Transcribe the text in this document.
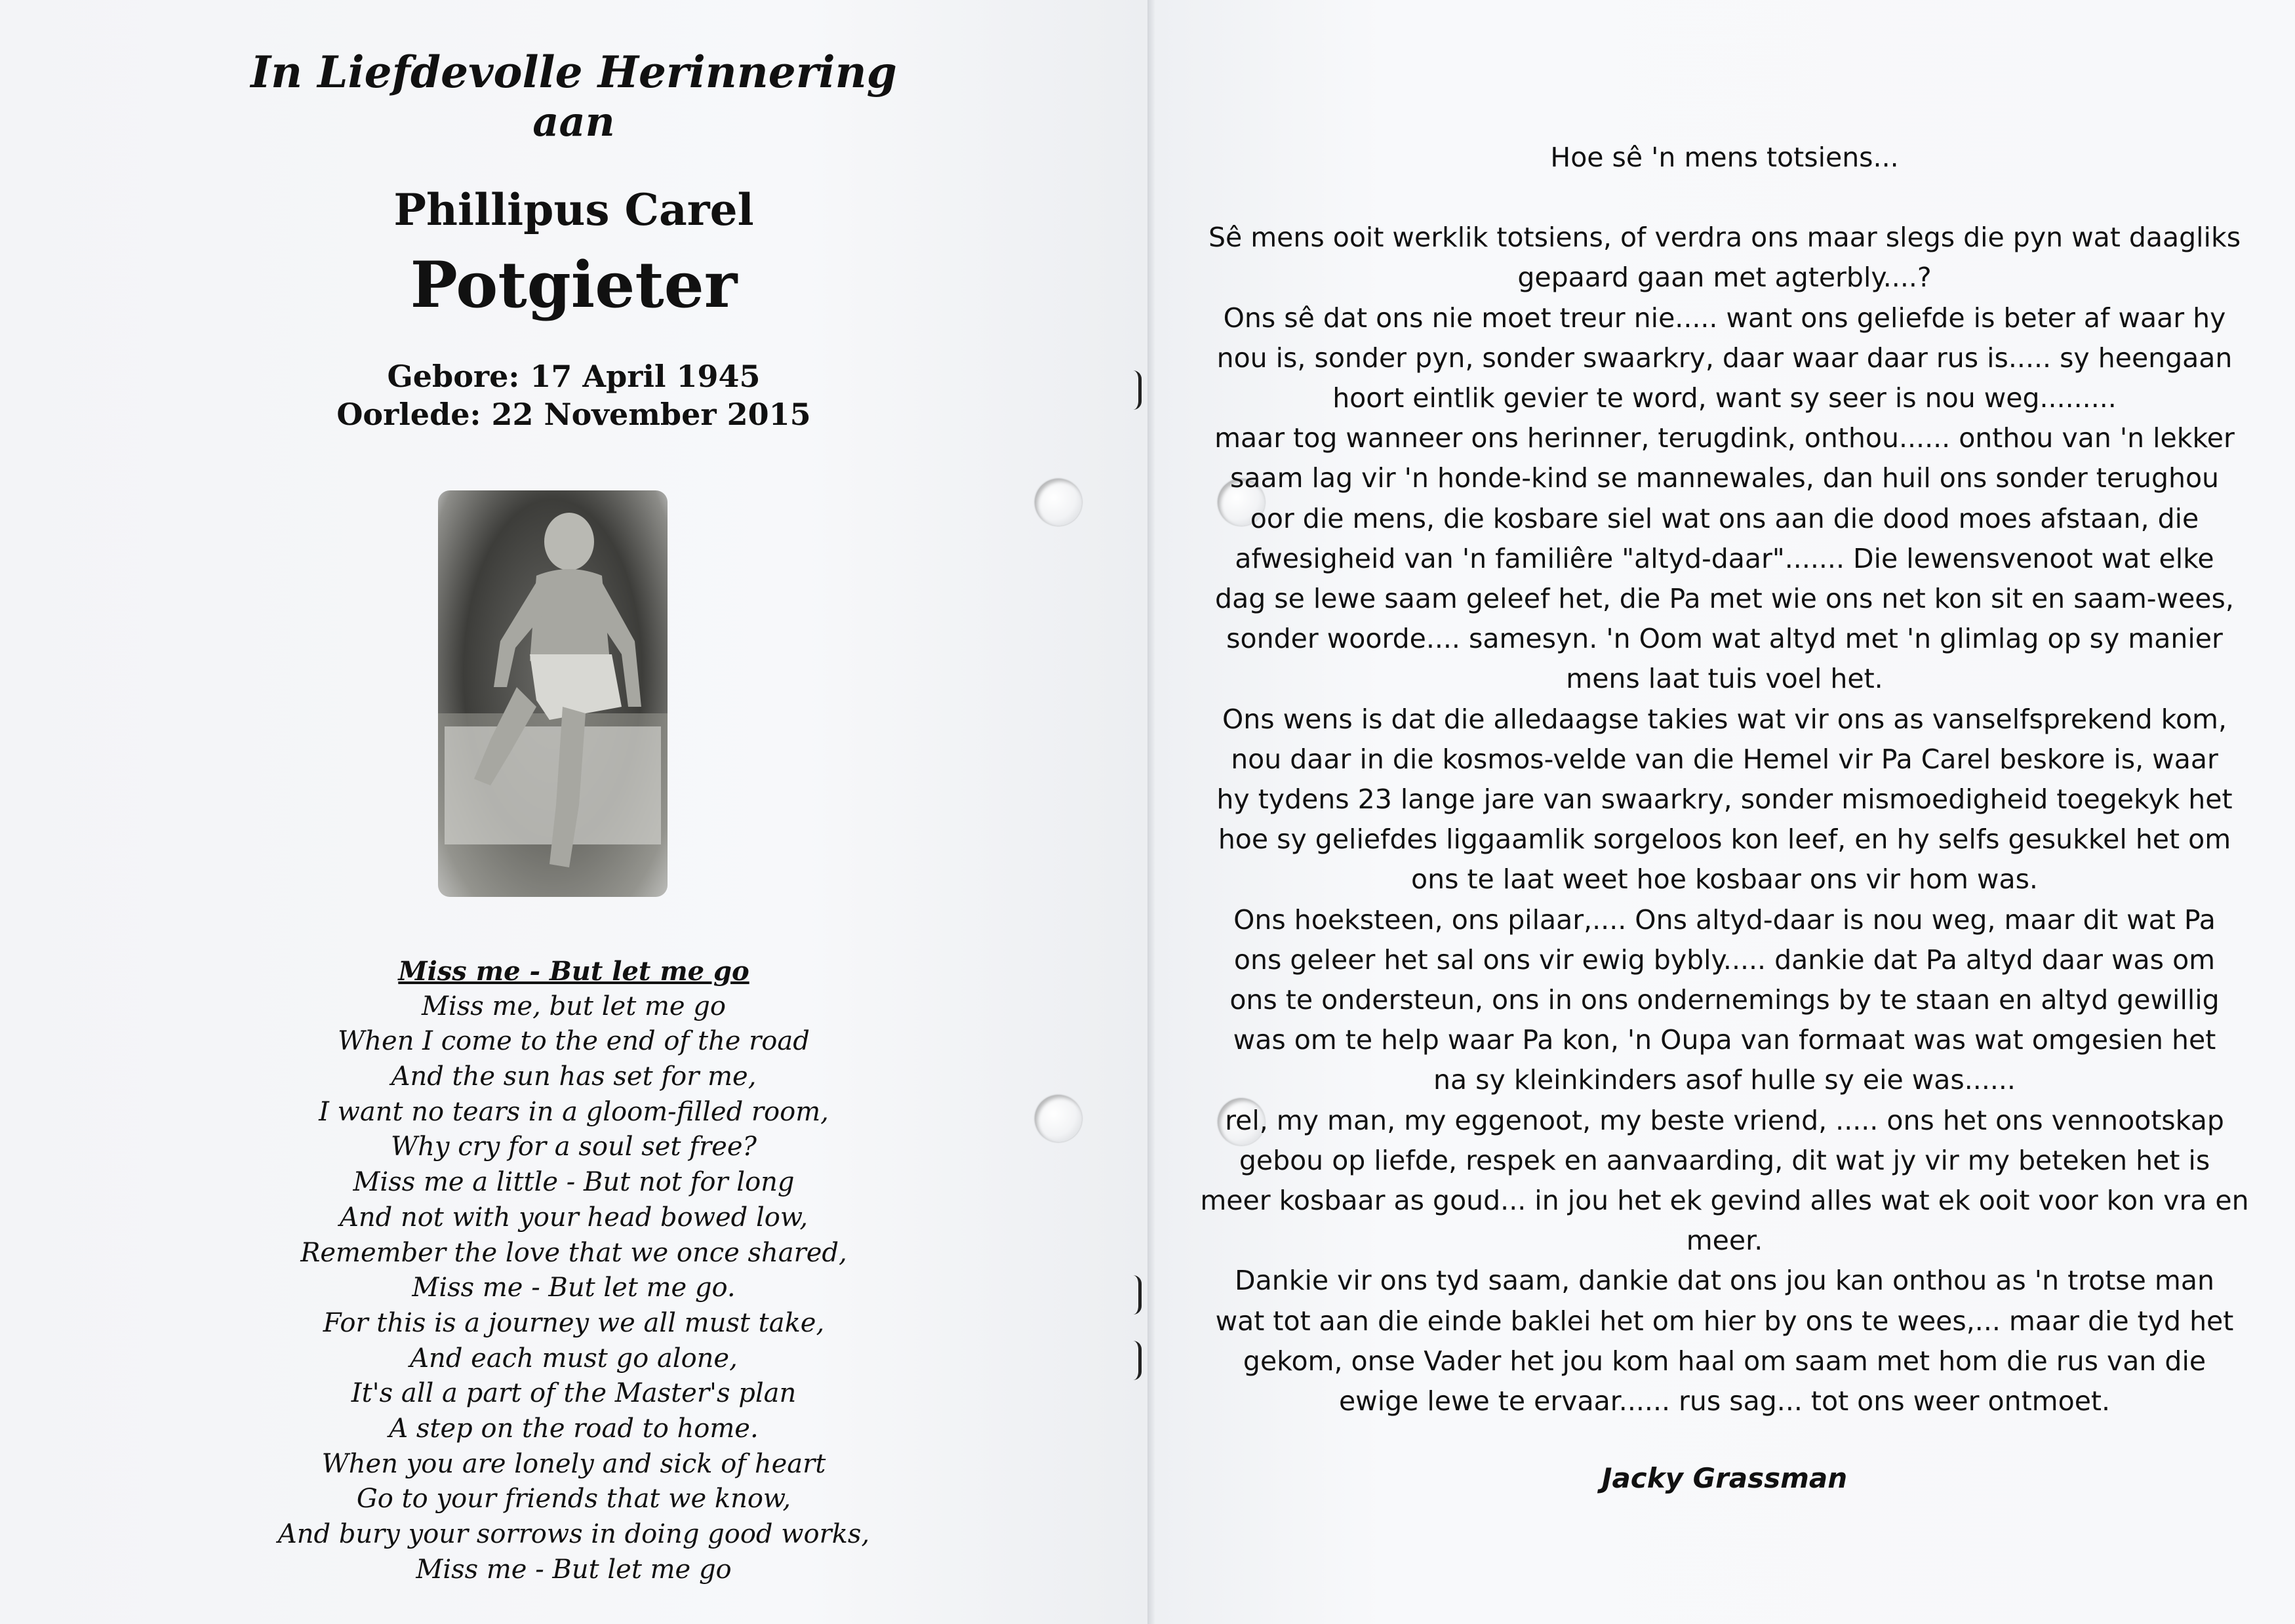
In Liefdevolle Herinnering
aan
Phillipus Carel
Potgieter
Gebore: 17 April 1945
Oorlede: 22 November 2015
Miss me - But let me go
Miss me, but let me go
When I come to the end of the road
And the sun has set for me,
I want no tears in a gloom-filled room,
Why cry for a soul set free?
Miss me a little - But not for long
And not with your head bowed low,
Remember the love that we once shared,
Miss me - But let me go.
For this is a journey we all must take,
And each must go alone,
It's all a part of the Master's plan
A step on the road to home.
When you are lonely and sick of heart
Go to your friends that we know,
And bury your sorrows in doing good works,
Miss me - But let me go
Hoe sê 'n mens totsiens...
Sê mens ooit werklik totsiens, of verdra ons maar slegs die pyn wat daagliks
gepaard gaan met agterbly....?
Ons sê dat ons nie moet treur nie..... want ons geliefde is beter af waar hy
nou is, sonder pyn, sonder swaarkry, daar waar daar rus is..... sy heengaan
hoort eintlik gevier te word, want sy seer is nou weg.........
maar tog wanneer ons herinner, terugdink, onthou...... onthou van 'n lekker
saam lag vir 'n honde-kind se mannewales, dan huil ons sonder terughou
oor die mens, die kosbare siel wat ons aan die dood moes afstaan, die
afwesigheid van 'n familiêre "altyd-daar"....... Die lewensvenoot wat elke
dag se lewe saam geleef het, die Pa met wie ons net kon sit en saam-wees,
sonder woorde.... samesyn. 'n Oom wat altyd met 'n glimlag op sy manier
mens laat tuis voel het.
Ons wens is dat die alledaagse takies wat vir ons as vanselfsprekend kom,
nou daar in die kosmos-velde van die Hemel vir Pa Carel beskore is, waar
hy tydens 23 lange jare van swaarkry, sonder mismoedigheid toegekyk het
hoe sy geliefdes liggaamlik sorgeloos kon leef, en hy selfs gesukkel het om
ons te laat weet hoe kosbaar ons vir hom was.
Ons hoeksteen, ons pilaar,.... Ons altyd-daar is nou weg, maar dit wat Pa
ons geleer het sal ons vir ewig bybly..... dankie dat Pa altyd daar was om
ons te ondersteun, ons in ons ondernemings by te staan en altyd gewillig
was om te help waar Pa kon, 'n Oupa van formaat was wat omgesien het
na sy kleinkinders asof hulle sy eie was......
rel, my man, my eggenoot, my beste vriend, ..... ons het ons vennootskap
gebou op liefde, respek en aanvaarding, dit wat jy vir my beteken het is
meer kosbaar as goud... in jou het ek gevind alles wat ek ooit voor kon vra en
meer.
Dankie vir ons tyd saam, dankie dat ons jou kan onthou as 'n trotse man
wat tot aan die einde baklei het om hier by ons te wees,... maar die tyd het
gekom, onse Vader het jou kom haal om saam met hom die rus van die
ewige lewe te ervaar...... rus sag... tot ons weer ontmoet.
Jacky Grassman
